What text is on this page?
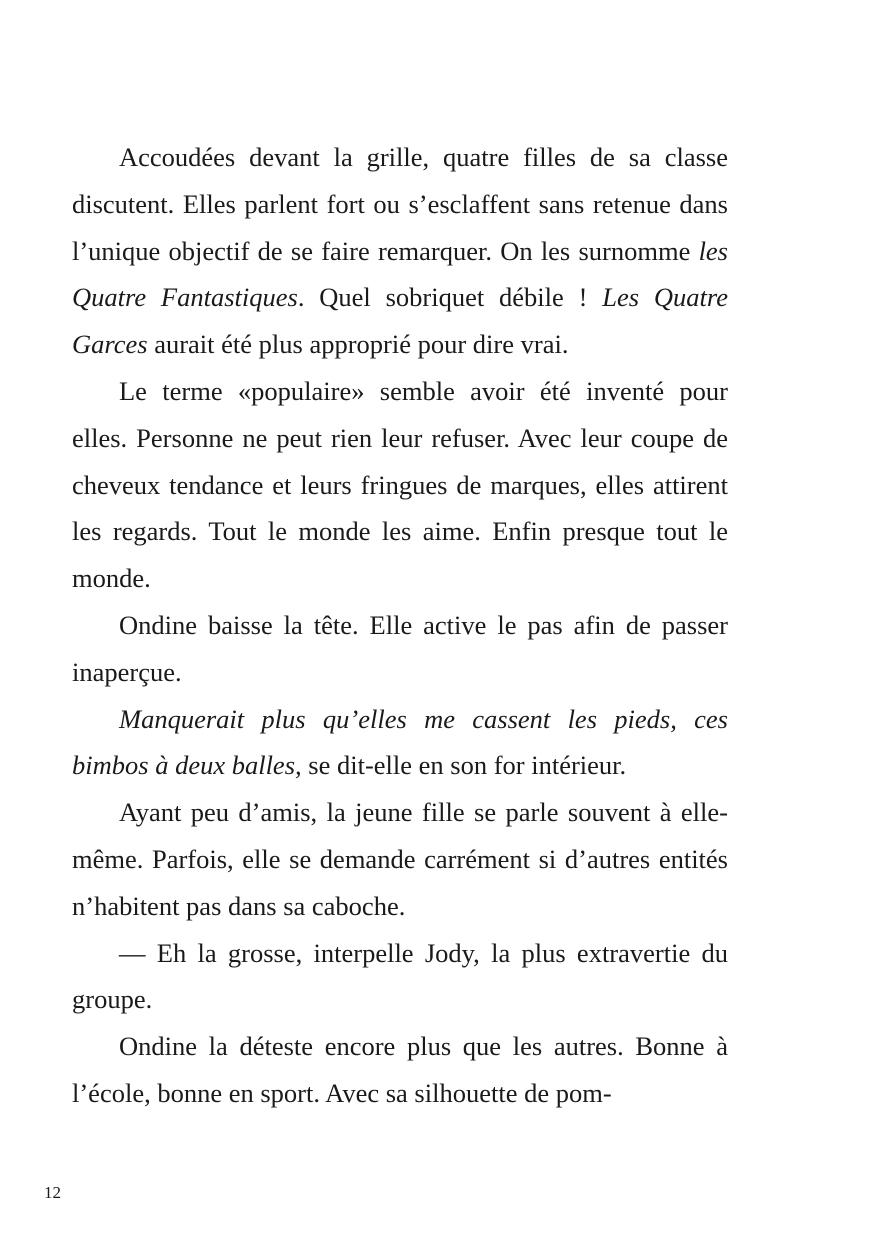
Accoudées devant la grille, quatre filles de sa classe discutent. Elles parlent fort ou s’esclaffent sans retenue dans l’unique objectif de se faire remarquer. On les surnomme les Quatre Fantastiques. Quel sobriquet débile ! Les Quatre Garces aurait été plus approprié pour dire vrai.

Le terme «populaire» semble avoir été inventé pour elles. Personne ne peut rien leur refuser. Avec leur coupe de cheveux tendance et leurs fringues de marques, elles attirent les regards. Tout le monde les aime. Enfin presque tout le monde.

Ondine baisse la tête. Elle active le pas afin de passer inaperçue.

Manquerait plus qu’elles me cassent les pieds, ces bimbos à deux balles, se dit-elle en son for intérieur.

Ayant peu d’amis, la jeune fille se parle souvent à elle-même. Parfois, elle se demande carrément si d’autres entités n’habitent pas dans sa caboche.

— Eh la grosse, interpelle Jody, la plus extravertie du groupe.

Ondine la déteste encore plus que les autres. Bonne à l’école, bonne en sport. Avec sa silhouette de pom-

12
